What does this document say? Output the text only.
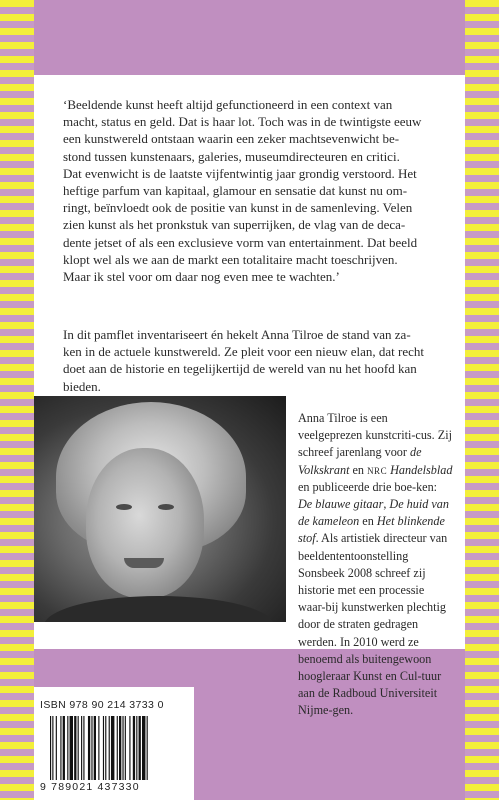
‘Beeldende kunst heeft altijd gefunctioneerd in een context van

macht, status en geld. Dat is haar lot. Toch was in de twintigste eeuw

een kunstwereld ontstaan waarin een zeker machtsevenwicht be-

stond tussen kunstenaars, galeries, museumdirecteuren en critici.

Dat evenwicht is de laatste vijfentwintig jaar grondig verstoord. Het

heftige parfum van kapitaal, glamour en sensatie dat kunst nu om-

ringt, beïnvloedt ook de positie van kunst in de samenleving. Velen

zien kunst als het pronkstuk van superrijken, de vlag van de deca-

dente jetset of als een exclusieve vorm van entertainment. Dat beeld

klopt wel als we aan de markt een totalitaire macht toeschrijven.

Maar ik stel voor om daar nog even mee te wachten.’

In dit pamflet inventariseert én hekelt Anna Tilroe de stand van za-

ken in de actuele kunstwereld. Ze pleit voor een nieuw elan, dat recht

doet aan de historie en tegelijkertijd de wereld van nu het hoofd kan

bieden.

Anna Tilroe is een veelgeprezen kunstcriti-cus. Zij schreef jarenlang voor de Volkskrant en nrc Handelsblad en publiceerde drie boe-ken: De blauwe gitaar, De huid van de kameleon en Het blinkende stof. Als artistiek directeur van beeldententoonstelling Sonsbeek 2008 schreef zij historie met een processie waar-bij kunstwerken plechtig door de straten gedragen werden. In 2010 werd ze benoemd als buitengewoon hoogleraar Kunst en Cul-tuur aan de Radboud Universiteit Nijme-gen.

ISBN 978 90 214 3733 0
9 789021 437330
